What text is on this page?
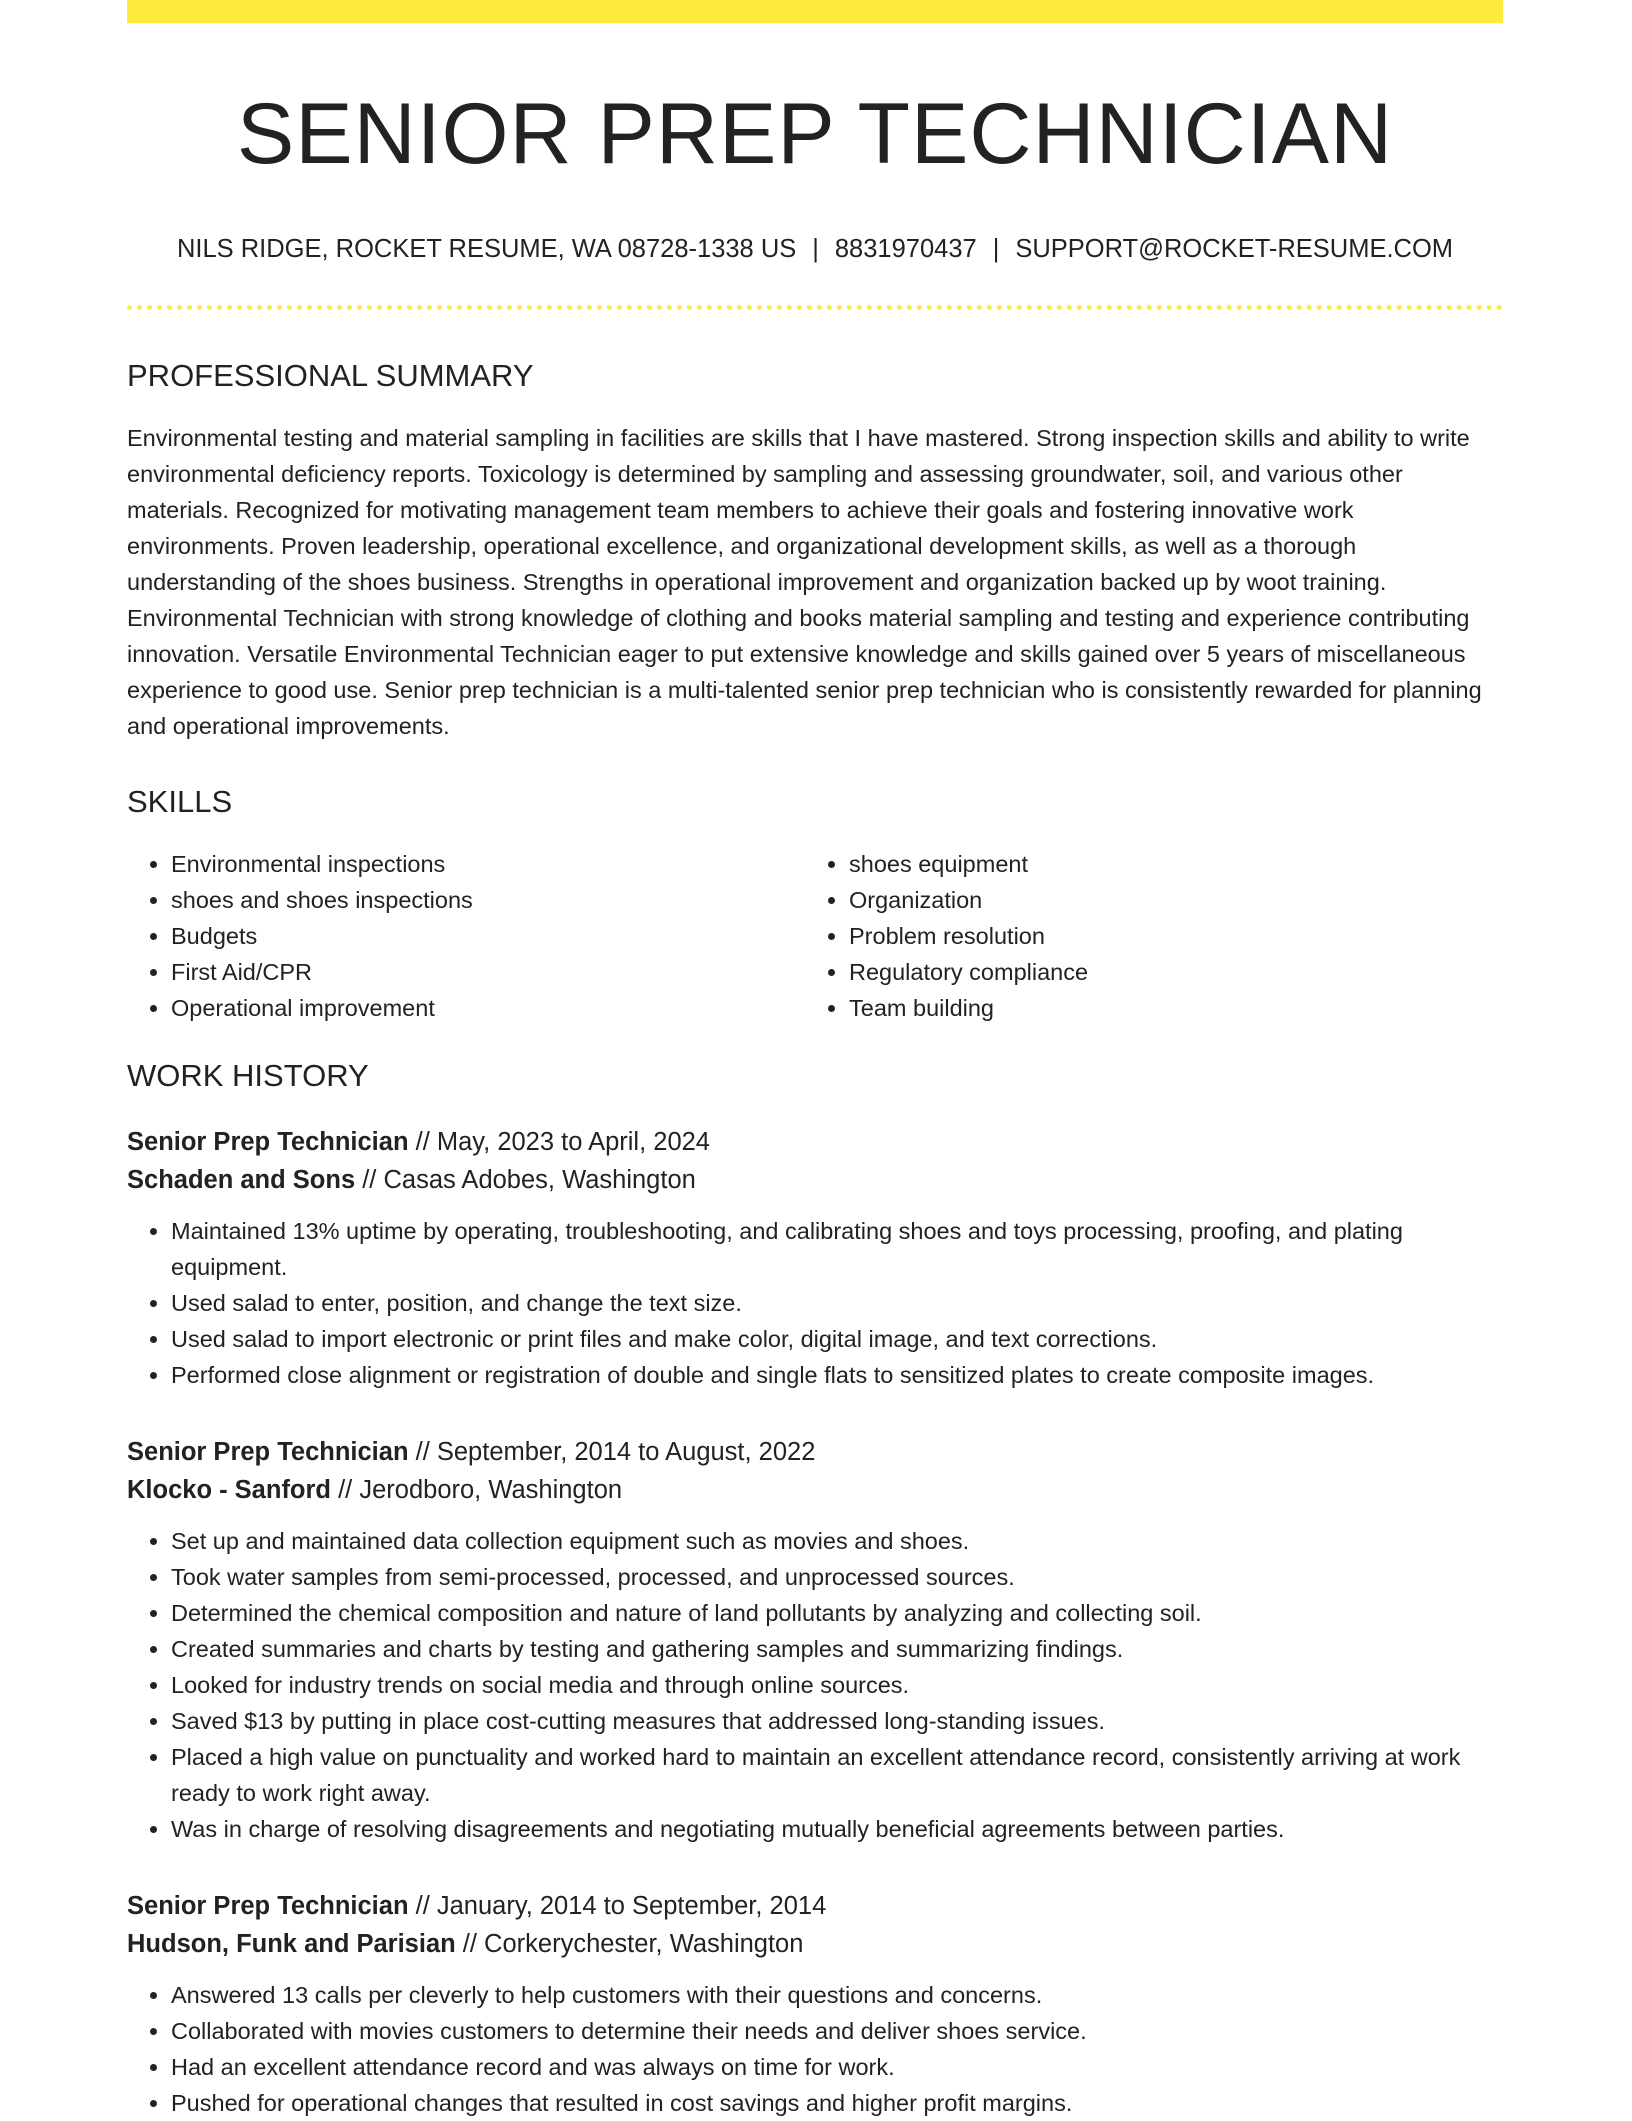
SENIOR PREP TECHNICIAN
NILS RIDGE, ROCKET RESUME, WA 08728-1338 US | 8831970437 | SUPPORT@ROCKET-RESUME.COM
PROFESSIONAL SUMMARY

Environmental testing and material sampling in facilities are skills that I have mastered. Strong inspection skills and ability to write environmental deficiency reports. Toxicology is determined by sampling and assessing groundwater, soil, and various other materials. Recognized for motivating management team members to achieve their goals and fostering innovative work environments. Proven leadership, operational excellence, and organizational development skills, as well as a thorough understanding of the shoes business. Strengths in operational improvement and organization backed up by woot training. Environmental Technician with strong knowledge of clothing and books material sampling and testing and experience contributing innovation. Versatile Environmental Technician eager to put extensive knowledge and skills gained over 5 years of miscellaneous experience to good use. Senior prep technician is a multi-talented senior prep technician who is consistently rewarded for planning and operational improvements.

SKILLS
• Environmental inspections
• shoes and shoes inspections
• Budgets
• First Aid/CPR
• Operational improvement
• shoes equipment
• Organization
• Problem resolution
• Regulatory compliance
• Team building
WORK HISTORY
Senior Prep Technician // May, 2023 to April, 2024
Schaden and Sons // Casas Adobes, Washington
• Maintained 13% uptime by operating, troubleshooting, and calibrating shoes and toys processing, proofing, and plating equipment.
• Used salad to enter, position, and change the text size.
• Used salad to import electronic or print files and make color, digital image, and text corrections.
• Performed close alignment or registration of double and single flats to sensitized plates to create composite images.
Senior Prep Technician // September, 2014 to August, 2022
Klocko - Sanford // Jerodboro, Washington
• Set up and maintained data collection equipment such as movies and shoes.
• Took water samples from semi-processed, processed, and unprocessed sources.
• Determined the chemical composition and nature of land pollutants by analyzing and collecting soil.
• Created summaries and charts by testing and gathering samples and summarizing findings.
• Looked for industry trends on social media and through online sources.
• Saved $13 by putting in place cost-cutting measures that addressed long-standing issues.
• Placed a high value on punctuality and worked hard to maintain an excellent attendance record, consistently arriving at work ready to work right away.
• Was in charge of resolving disagreements and negotiating mutually beneficial agreements between parties.
Senior Prep Technician // January, 2014 to September, 2014
Hudson, Funk and Parisian // Corkerychester, Washington
• Answered 13 calls per cleverly to help customers with their questions and concerns.
• Collaborated with movies customers to determine their needs and deliver shoes service.
• Had an excellent attendance record and was always on time for work.
• Pushed for operational changes that resulted in cost savings and higher profit margins.
